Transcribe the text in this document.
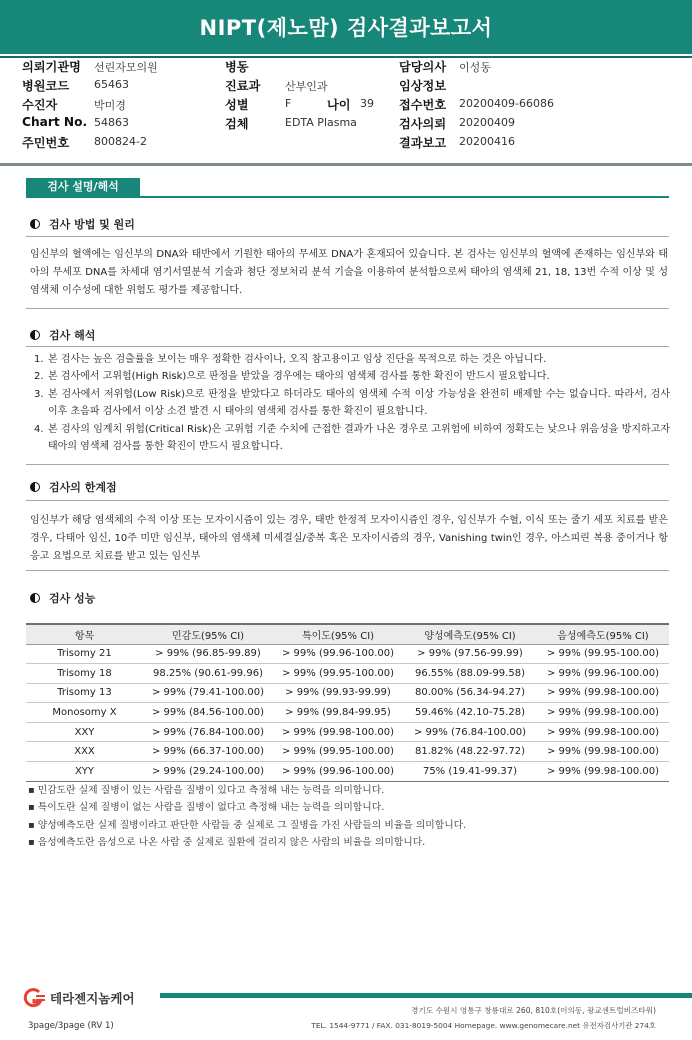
NIPT(제노맘) 검사결과보고서
의뢰기관명 선린자모의원
병원코드 65463
수진자	박미경
Chart No. 54863
주민번호 800824-2
병동
진료과 산부인과
성별	F	나이 39
검체	EDTA Plasma
담당의사 이성동
임상정보
접수번호 20200409-66086
검사의뢰 20200409
결과보고 20200416
검사 설명/해석
검사 방법 및 원리
임신부의 혈액에는 임신부의 DNA와 태반에서 기원한 태아의 무세포 DNA가 혼재되어 있습니다. 본 검사는 임신부의 혈액에 존재하는 임신부와 태아의 무세포 DNA를 차세대 염기서열분석 기술과 첨단 정보처리 분석 기술을 이용하여 분석함으로써 태아의 염색체 21, 18, 13번 수적 이상 및 성염색체 이수성에 대한 위험도 평가를 제공합니다.
검사 해석
1. 본 검사는 높은 검출률을 보이는 매우 정확한 검사이나, 오직 참고용이고 임상 진단을 목적으로 하는 것은 아닙니다.
2. 본 검사에서 고위험(High Risk)으로 판정을 받았을 경우에는 태아의 염색체 검사를 통한 확진이 반드시 필요합니다.
3. 본 검사에서 저위험(Low Risk)으로 판정을 받았다고 하더라도 태아의 염색체 수적 이상 가능성을 완전히 배제할 수는 없습니다. 따라서, 검사 이후 초음파 검사에서 이상 소견 발견 시 태아의 염색체 검사를 통한 확진이 필요합니다.
4. 본 검사의 임계치 위험(Critical Risk)은 고위험 기준 수치에 근접한 결과가 나온 경우로 고위험에 비하여 정확도는 낮으나 위음성을 방지하고자 태아의 염색체 검사를 통한 확진이 반드시 필요합니다.
검사의 한계점
임신부가 해당 염색체의 수적 이상 또는 모자이시즘이 있는 경우, 태반 한정적 모자이시즘인 경우, 임신부가 수혈, 이식 또는 줄기 세포 치료를 받은 경우, 다태아 임신, 10주 미만 임신부, 태아의 염색체 미세결실/중복 혹은 모자이시즘의 경우, Vanishing twin인 경우, 아스피린 복용 중이거나 항 응고 요법으로 치료를 받고 있는 임신부
검사 성능
항목	민감도(95% CI)	특이도(95% CI)	양성예측도(95% CI)	음성예측도(95% CI)
Trisomy 21	> 99% (96.85-99.89)	> 99% (99.96-100.00)	> 99% (97.56-99.99)	> 99% (99.95-100.00)
Trisomy 18	98.25% (90.61-99.96)	> 99% (99.95-100.00)	96.55% (88.09-99.58)	> 99% (99.96-100.00)
Trisomy 13	> 99% (79.41-100.00)	> 99% (99.93-99.99)	80.00% (56.34-94.27)	> 99% (99.98-100.00)
Monosomy X	> 99% (84.56-100.00)	> 99% (99.84-99.95)	59.46% (42.10-75.28)	> 99% (99.98-100.00)
XXY	> 99% (76.84-100.00)	> 99% (99.98-100.00)	> 99% (76.84-100.00)	> 99% (99.98-100.00)
XXX	> 99% (66.37-100.00)	> 99% (99.95-100.00)	81.82% (48.22-97.72)	> 99% (99.98-100.00)
XYY	> 99% (29.24-100.00)	> 99% (99.96-100.00)	75% (19.41-99.37)	> 99% (99.98-100.00)
▪ 민감도란 실제 질병이 있는 사람을 질병이 있다고 측정해 내는 능력을 의미합니다.
▪ 특이도란 실제 질병이 없는 사람을 질병이 없다고 측정해 내는 능력을 의미합니다.
▪ 양성예측도란 실제 질병이라고 판단한 사람들 중 실제로 그 질병을 가진 사람들의 비율을 의미합니다.
▪ 음성예측도란 음성으로 나온 사람 중 실제로 질환에 걸리지 않은 사람의 비율을 의미합니다.
테라젠지놈케어
경기도 수원시 영통구 창룡대로 260, 810호(이의동, 광교센트럴비즈타워)
TEL. 1544-9771 / FAX. 031-8019-5004 Homepage. www.genomecare.net 유전자검사기관 274호
3page/3page (RV 1)
